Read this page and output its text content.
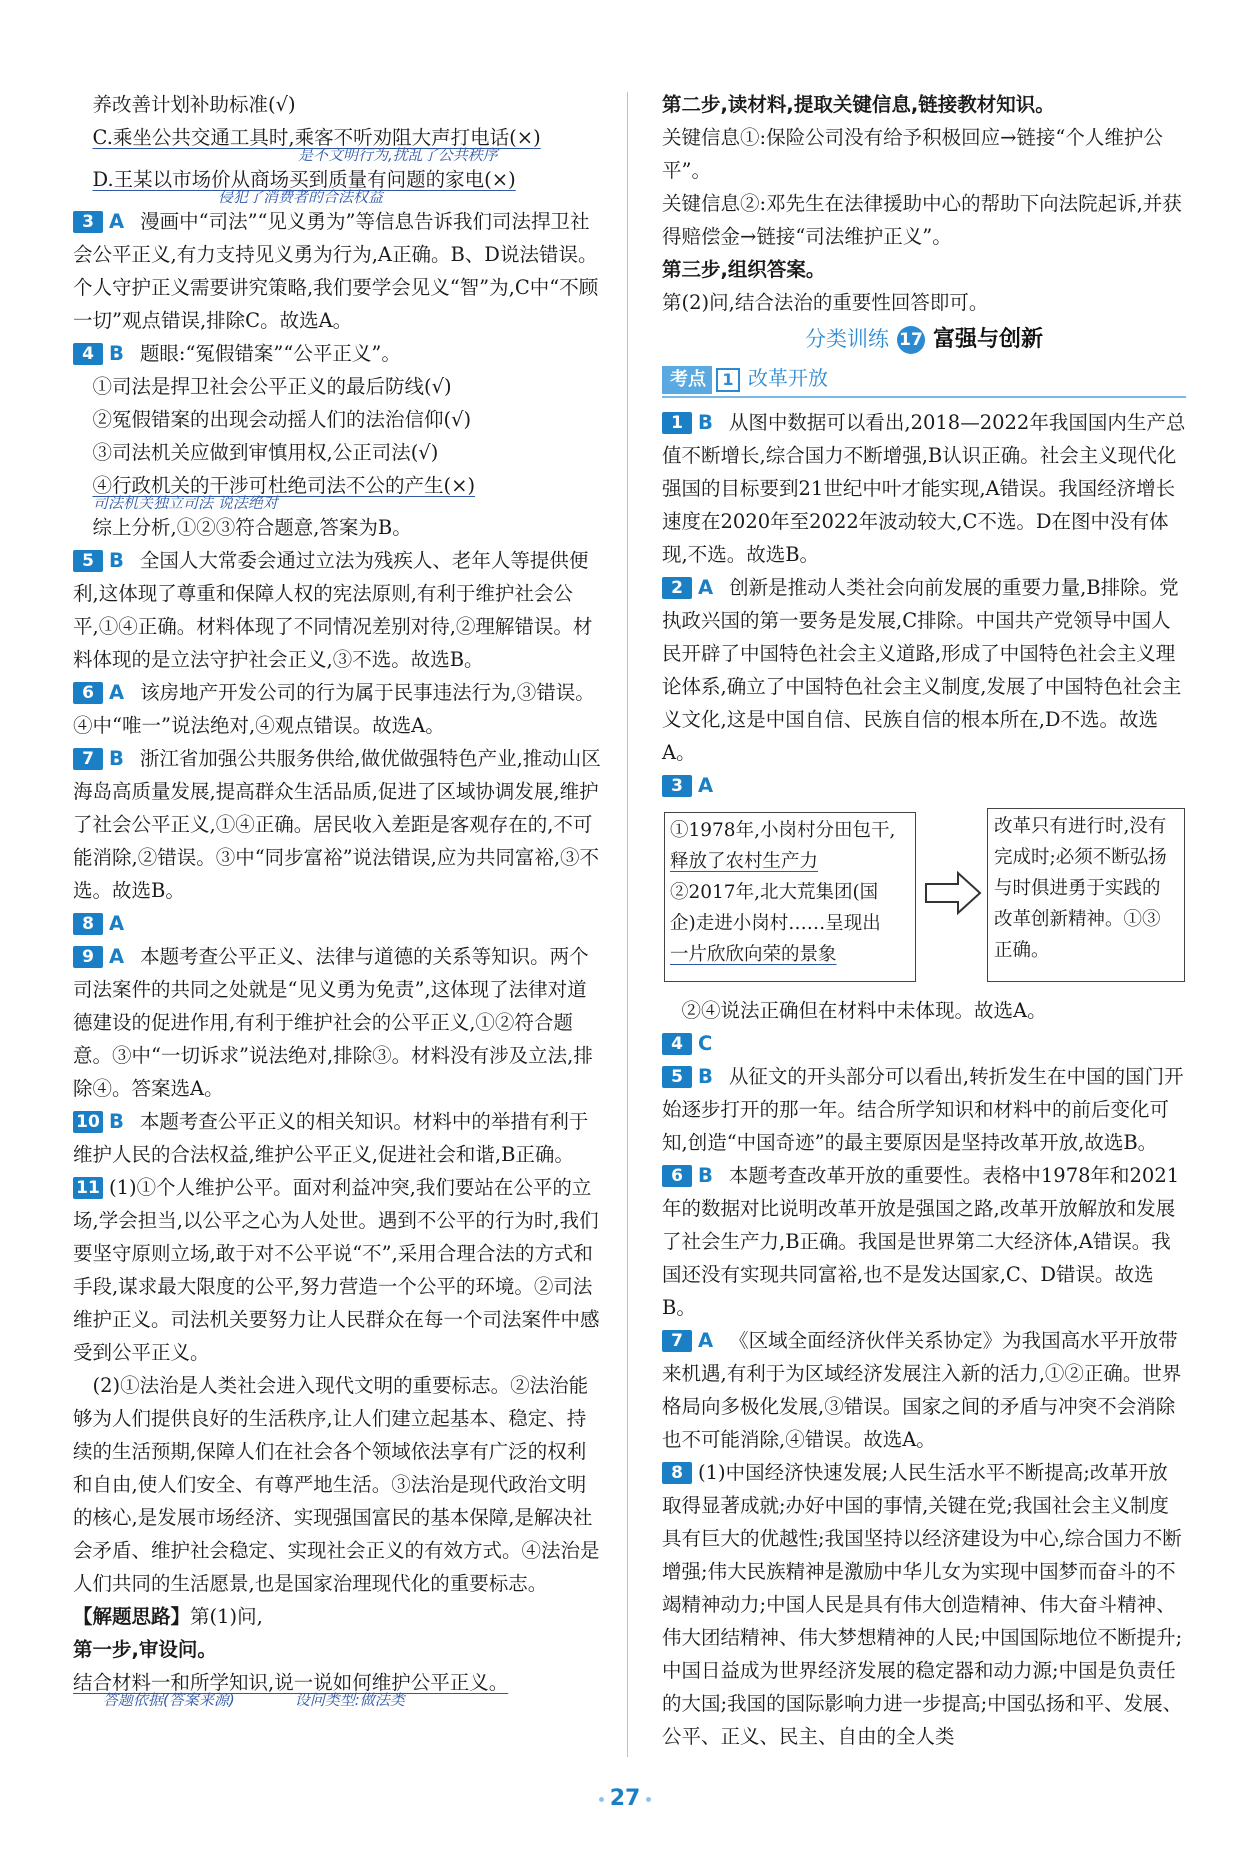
养改善计划补助标准(√)

C.乘坐公共交通工具时,乘客不听劝阻大声打电话(×)

是不文明行为,扰乱了公共秩序

D.王某以市场价从商场买到质量有问题的家电(×)

侵犯了消费者的合法权益

3 A 漫画中“司法”“见义勇为”等信息告诉我们司法捍卫社会公平正义,有力支持见义勇为行为,A正确。B、D说法错误。个人守护正义需要讲究策略,我们要学会见义“智”为,C中“不顾一切”观点错误,排除C。故选A。

4 B 题眼:“冤假错案”“公平正义”。

①司法是捍卫社会公平正义的最后防线(√)

②冤假错案的出现会动摇人们的法治信仰(√)

③司法机关应做到审慎用权,公正司法(√)

④行政机关的干涉可杜绝司法不公的产生(×)

司法机关独立司法 说法绝对

综上分析,①②③符合题意,答案为B。

5 B 全国人大常委会通过立法为残疾人、老年人等提供便利,这体现了尊重和保障人权的宪法原则,有利于维护社会公平,①④正确。材料体现了不同情况差别对待,②理解错误。材料体现的是立法守护社会正义,③不选。故选B。

6 A 该房地产开发公司的行为属于民事违法行为,③错误。④中“唯一”说法绝对,④观点错误。故选A。

7 B 浙江省加强公共服务供给,做优做强特色产业,推动山区海岛高质量发展,提高群众生活品质,促进了区域协调发展,维护了社会公平正义,①④正确。居民收入差距是客观存在的,不可能消除,②错误。③中“同步富裕”说法错误,应为共同富裕,③不选。故选B。

8 A

9 A 本题考查公平正义、法律与道德的关系等知识。两个司法案件的共同之处就是“见义勇为免责”,这体现了法律对道德建设的促进作用,有利于维护社会的公平正义,①②符合题意。③中“一切诉求”说法绝对,排除③。材料没有涉及立法,排除④。答案选A。

10 B 本题考查公平正义的相关知识。材料中的举措有利于维护人民的合法权益,维护公平正义,促进社会和谐,B正确。

11 (1)①个人维护公平。面对利益冲突,我们要站在公平的立场,学会担当,以公平之心为人处世。遇到不公平的行为时,我们要坚守原则立场,敢于对不公平说“不”,采用合理合法的方式和手段,谋求最大限度的公平,努力营造一个公平的环境。②司法维护正义。司法机关要努力让人民群众在每一个司法案件中感受到公平正义。

(2)①法治是人类社会进入现代文明的重要标志。②法治能够为人们提供良好的生活秩序,让人们建立起基本、稳定、持续的生活预期,保障人们在社会各个领域依法享有广泛的权利和自由,使人们安全、有尊严地生活。③法治是现代政治文明的核心,是发展市场经济、实现强国富民的基本保障,是解决社会矛盾、维护社会稳定、实现社会正义的有效方式。④法治是人们共同的生活愿景,也是国家治理现代化的重要标志。

【解题思路】第(1)问,

第一步,审设问。

结合材料一和所学知识,说一说如何维护公平正义。

答题依据(答案来源)	设问类型:做法类

第二步,读材料,提取关键信息,链接教材知识。

关键信息①:保险公司没有给予积极回应→链接“个人维护公平”。

关键信息②:邓先生在法律援助中心的帮助下向法院起诉,并获得赔偿金→链接“司法维护正义”。

第三步,组织答案。

第(2)问,结合法治的重要性回答即可。

分类训练 17 富强与创新
考点 1 改革开放

1 B 从图中数据可以看出,2018—2022年我国国内生产总值不断增长,综合国力不断增强,B认识正确。社会主义现代化强国的目标要到21世纪中叶才能实现,A错误。我国经济增长速度在2020年至2022年波动较大,C不选。D在图中没有体现,不选。故选B。

2 A 创新是推动人类社会向前发展的重要力量,B排除。党执政兴国的第一要务是发展,C排除。中国共产党领导中国人民开辟了中国特色社会主义道路,形成了中国特色社会主义理论体系,确立了中国特色社会主义制度,发展了中国特色社会主义文化,这是中国自信、民族自信的根本所在,D不选。故选A。

3 A

①1978年,小岗村分田包干,
释放了农村生产力
②2017年,北大荒集团(国
企)走进小岗村……呈现出
一片欣欣向荣的景象
改革只有进行时,没有完成时;必须不断弘扬与时俱进勇于实践的改革创新精神。①③正确。

②④说法正确但在材料中未体现。故选A。

4 C

5 B 从征文的开头部分可以看出,转折发生在中国的国门开始逐步打开的那一年。结合所学知识和材料中的前后变化可知,创造“中国奇迹”的最主要原因是坚持改革开放,故选B。

6 B 本题考查改革开放的重要性。表格中1978年和2021年的数据对比说明改革开放是强国之路,改革开放解放和发展了社会生产力,B正确。我国是世界第二大经济体,A错误。我国还没有实现共同富裕,也不是发达国家,C、D错误。故选B。

7 A 《区域全面经济伙伴关系协定》为我国高水平开放带来机遇,有利于为区域经济发展注入新的活力,①②正确。世界格局向多极化发展,③错误。国家之间的矛盾与冲突不会消除也不可能消除,④错误。故选A。

8 (1)中国经济快速发展;人民生活水平不断提高;改革开放取得显著成就;办好中国的事情,关键在党;我国社会主义制度具有巨大的优越性;我国坚持以经济建设为中心,综合国力不断增强;伟大民族精神是激励中华儿女为实现中国梦而奋斗的不竭精神动力;中国人民是具有伟大创造精神、伟大奋斗精神、伟大团结精神、伟大梦想精神的人民;中国国际地位不断提升;中国日益成为世界经济发展的稳定器和动力源;中国是负责任的大国;我国的国际影响力进一步提高;中国弘扬和平、发展、公平、正义、民主、自由的全人类

27
